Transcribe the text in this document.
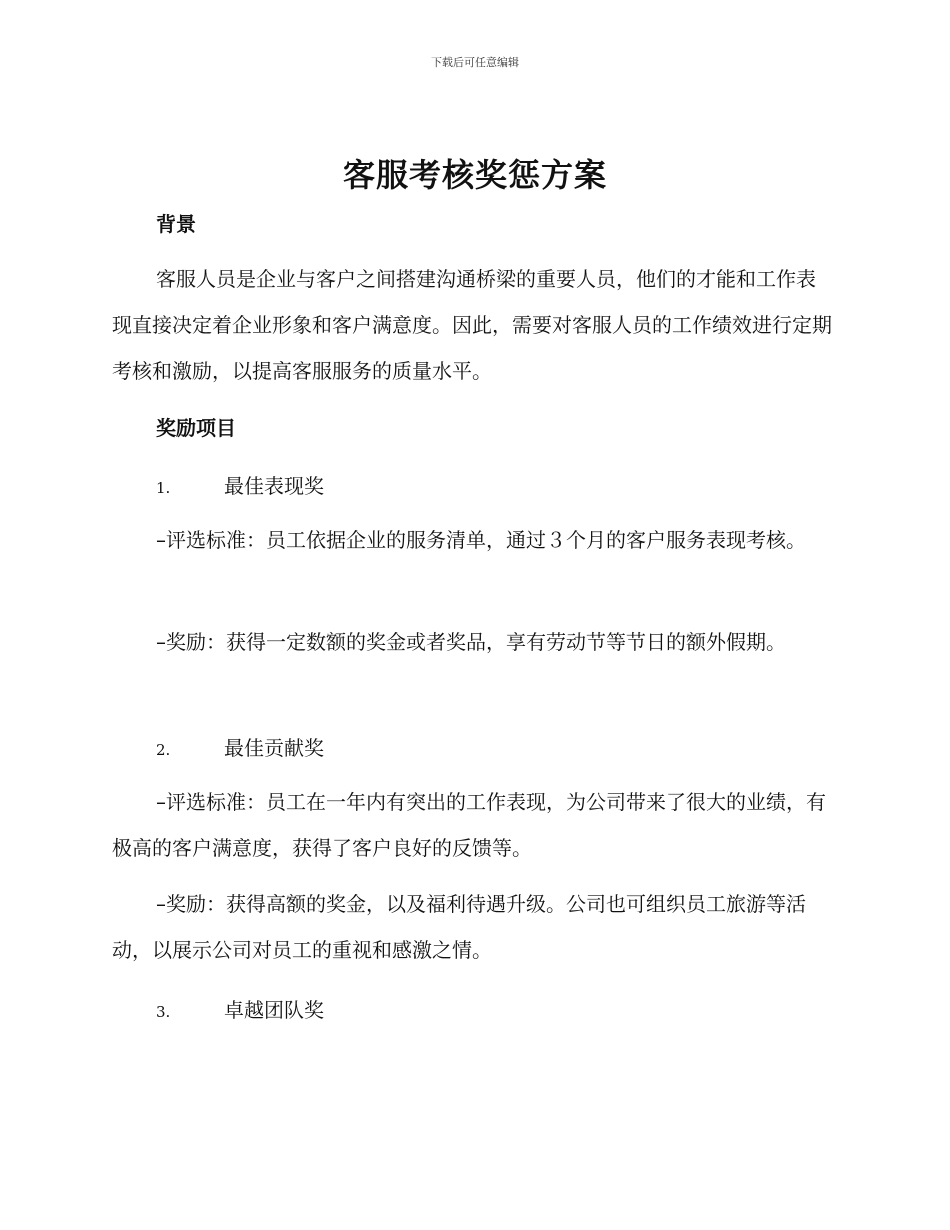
下载后可任意编辑
客服考核奖惩方案
背景
客服人员是企业与客户之间搭建沟通桥梁的重要人员，他们的才能和工作表现直接决定着企业形象和客户满意度。因此，需要对客服人员的工作绩效进行定期考核和激励，以提高客服服务的质量水平。
奖励项目
1.	最佳表现奖
–评选标准：员工依据企业的服务清单，通过３个月的客户服务表现考核。
–奖励：获得一定数额的奖金或者奖品，享有劳动节等节日的额外假期。
2.	最佳贡献奖
–评选标准：员工在一年内有突出的工作表现，为公司带来了很大的业绩，有极高的客户满意度，获得了客户良好的反馈等。
–奖励：获得高额的奖金，以及福利待遇升级。公司也可组织员工旅游等活动，以展示公司对员工的重视和感激之情。
3.	卓越团队奖
